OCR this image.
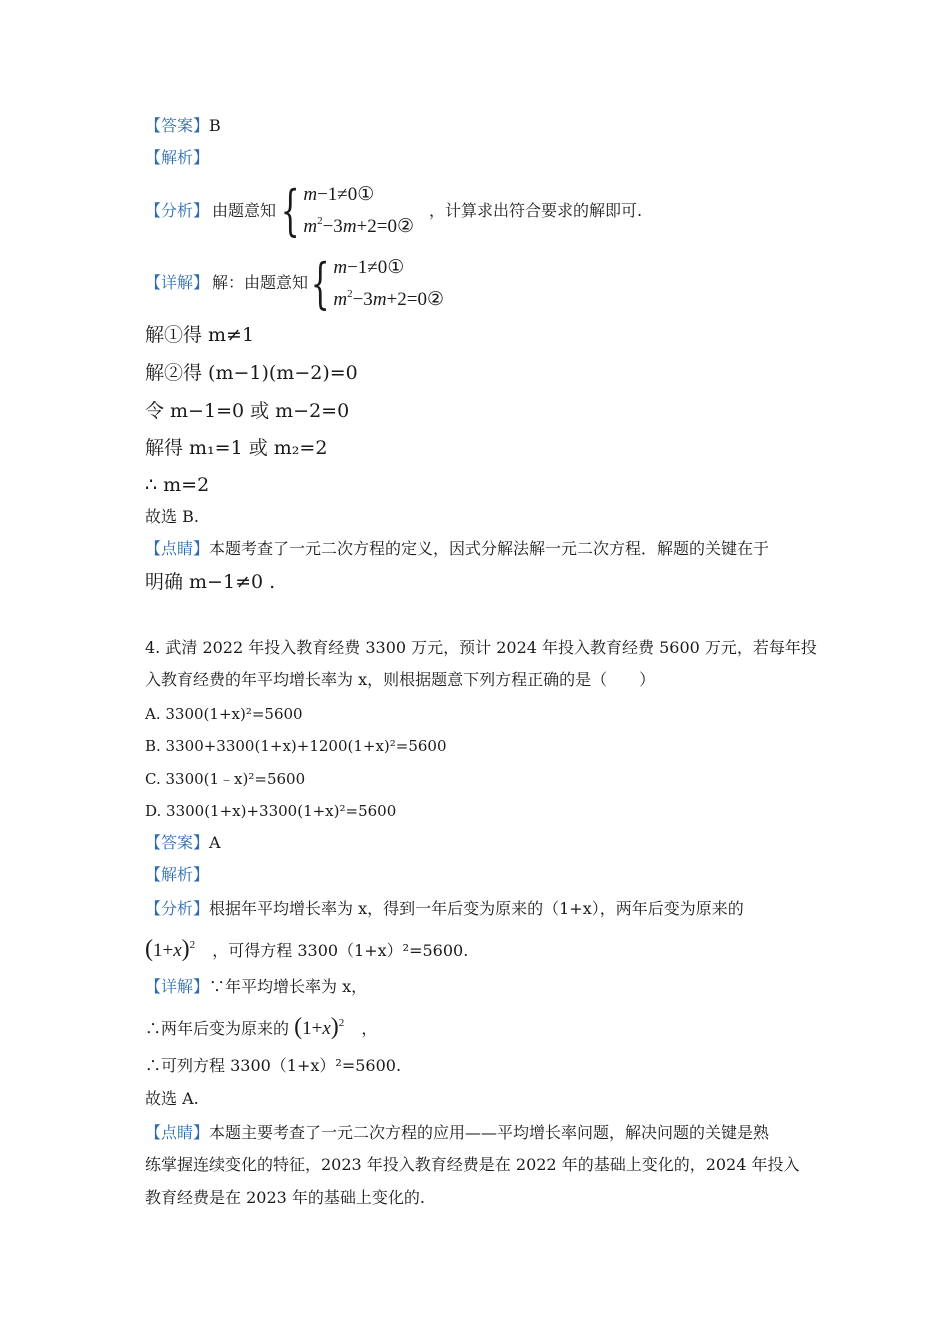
【答案】B
【解析】
【分析】 由题意知 { m−1≠0①
$m^2-3m+2=0②$
，计算求出符合要求的解即可.
【详解】 解：由题意知 { m−1≠0①
$m^2-3m+2=0②$
解①得 m≠1
解②得 (m−1)(m−2)=0
令 m−1=0 或 m−2=0
解得 m₁=1 或 m₂=2
∴ m=2
故选 B.
【点睛】本题考查了一元二次方程的定义，因式分解法解一元二次方程．解题的关键在于
明确 m−1≠0 .
4. 武清 2022 年投入教育经费 3300 万元，预计 2024 年投入教育经费 5600 万元，若每年投
入教育经费的年平均增长率为 x，则根据题意下列方程正确的是（　　）
A. 3300(1+x)²=5600
B. 3300+3300(1+x)+1200(1+x)²=5600
C. 3300(1﹣x)²=5600
D. 3300(1+x)+3300(1+x)²=5600
【答案】A
【解析】
【分析】根据年平均增长率为 x，得到一年后变为原来的（1+x），两年后变为原来的
$(1+x)^2$ ，可得方程 3300（1+x）²=5600.
【详解】∵年平均增长率为 x，
∴两年后变为原来的 $(1+x)^2$ ，
∴可列方程 3300（1+x）²=5600.
故选 A.
【点睛】本题主要考查了一元二次方程的应用——平均增长率问题，解决问题的关键是熟
练掌握连续变化的特征，2023 年投入教育经费是在 2022 年的基础上变化的，2024 年投入
教育经费是在 2023 年的基础上变化的.
